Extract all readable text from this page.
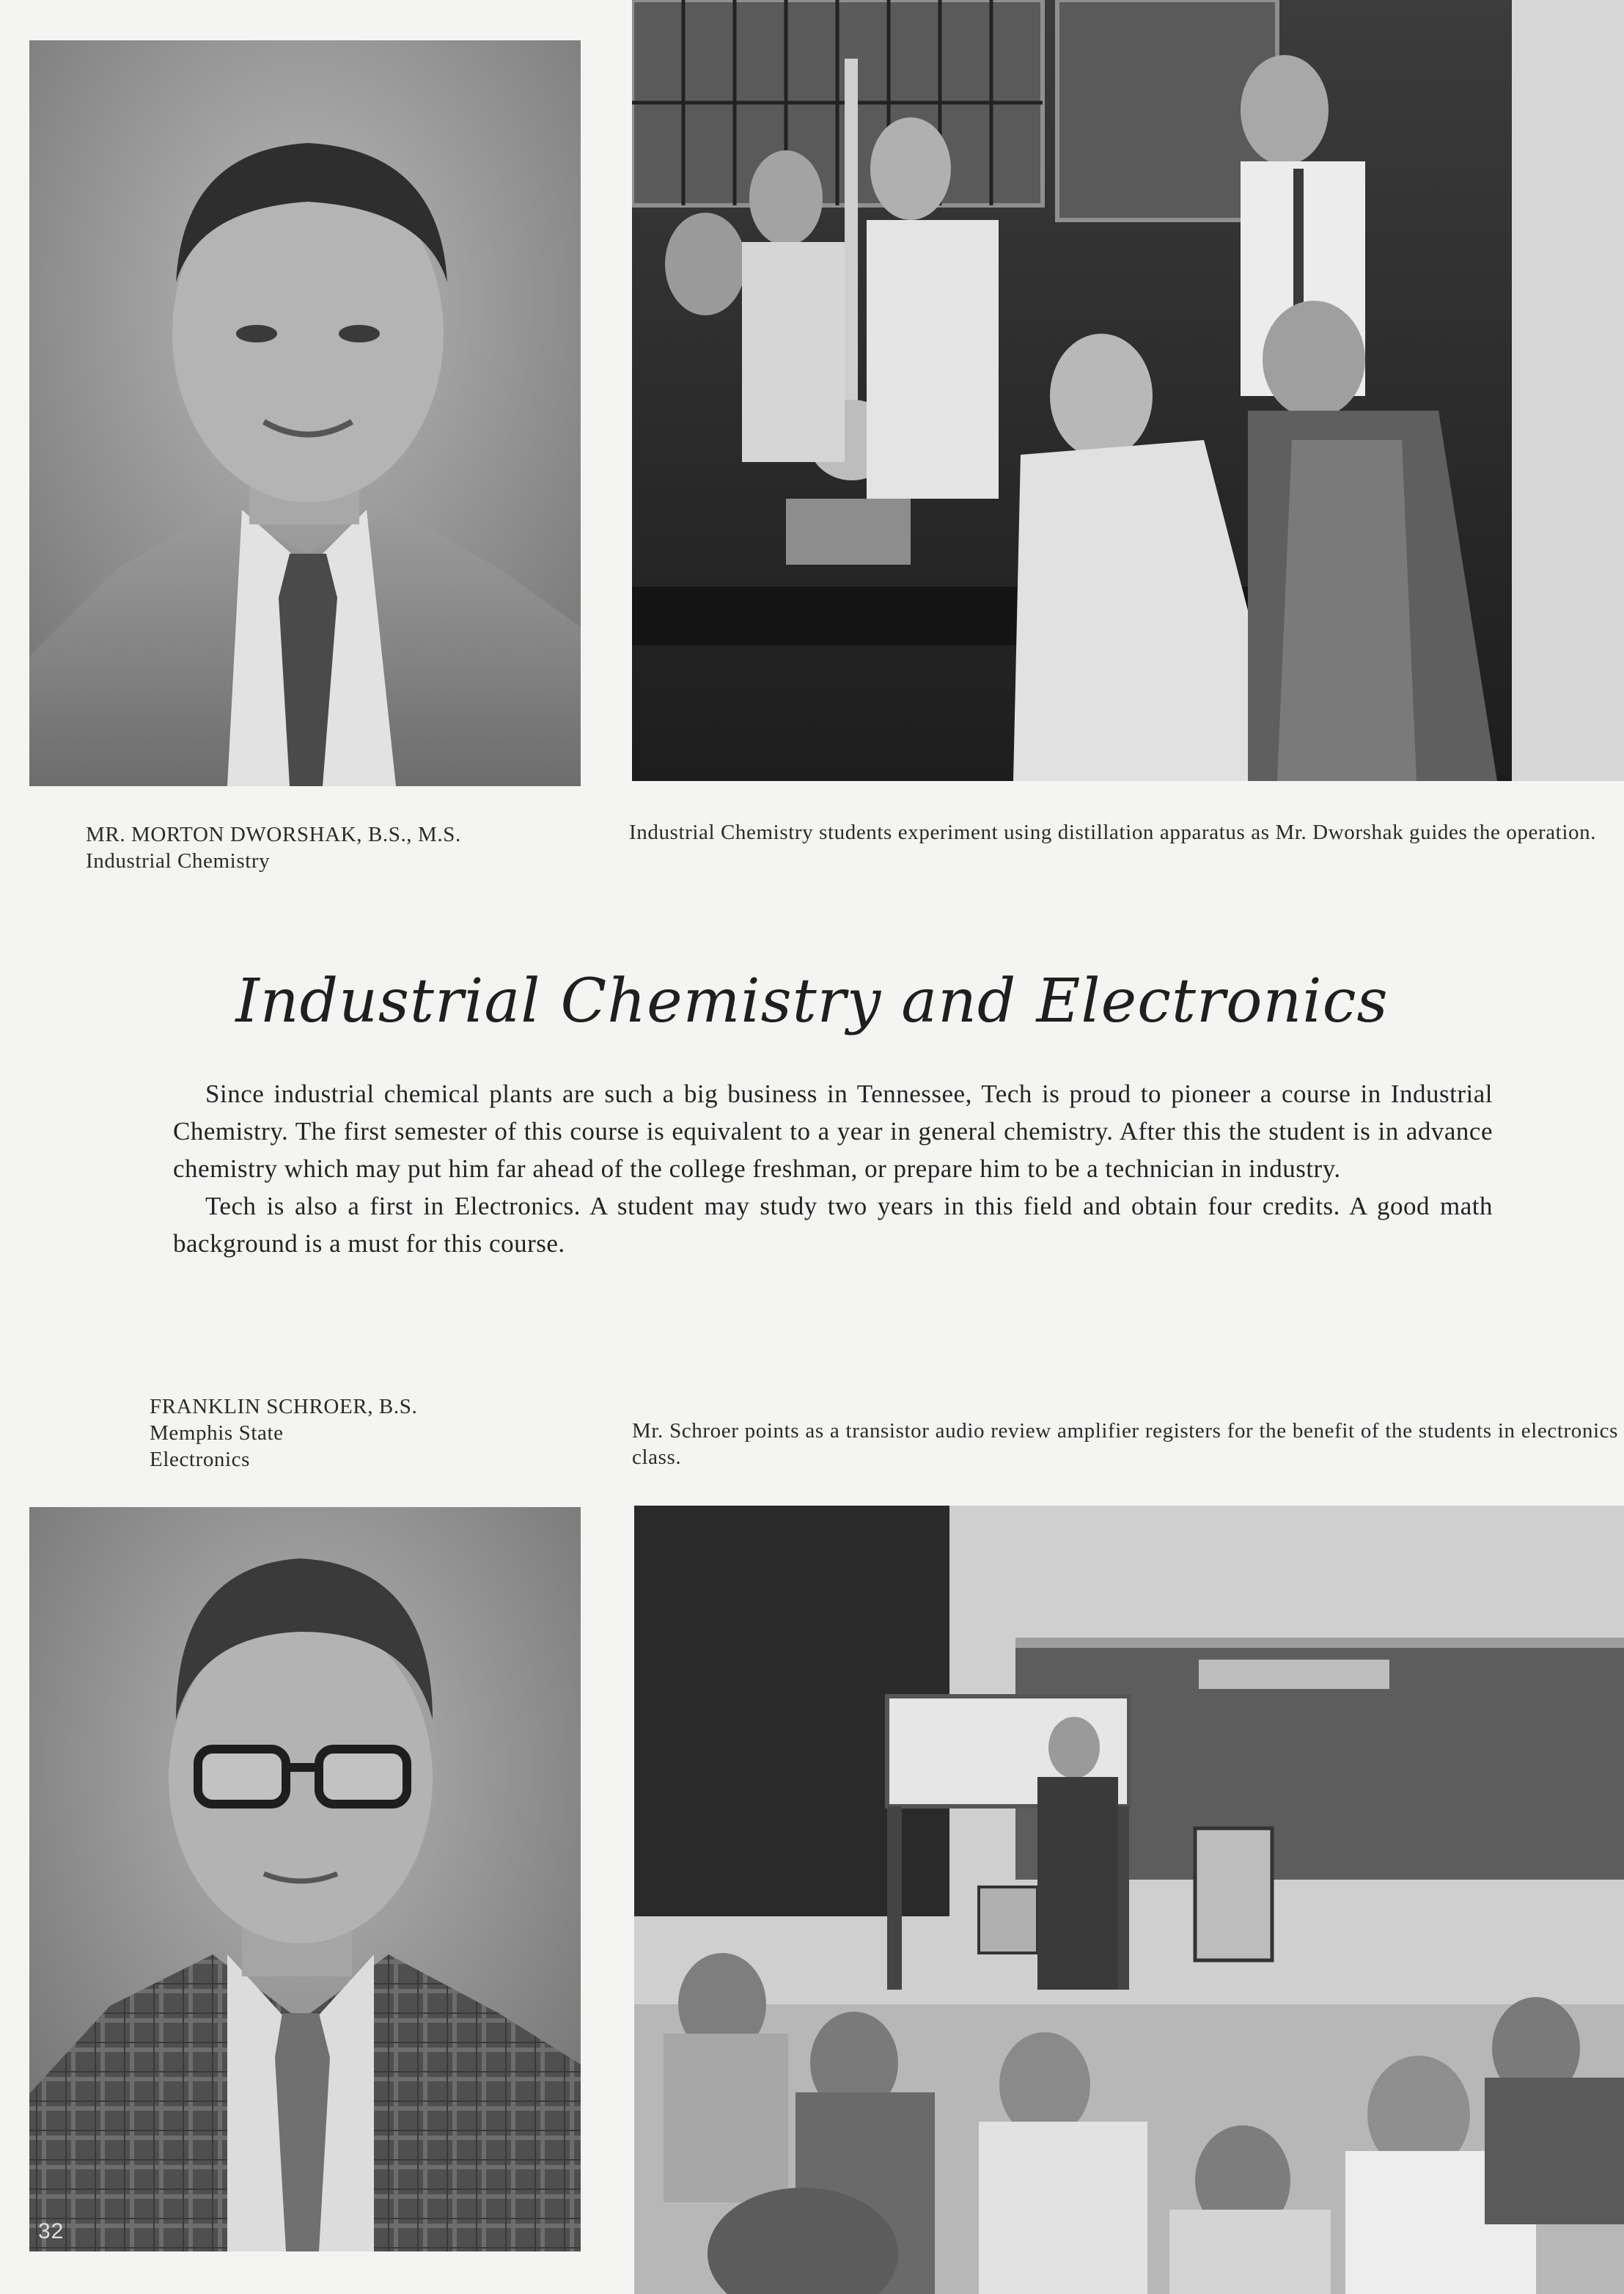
MR. MORTON DWORSHAK, B.S., M.S.
Industrial Chemistry
Industrial Chemistry students experiment using distillation apparatus as Mr. Dworshak guides the operation.
Industrial Chemistry and Electronics

Since industrial chemical plants are such a big business in Tennessee, Tech is proud to pioneer a course in Industrial Chemistry. The first semester of this course is equivalent to a year in general chemistry. After this the student is in advance chemistry which may put him far ahead of the college freshman, or prepare him to be a technician in industry.

Tech is also a first in Electronics. A student may study two years in this field and obtain four credits. A good math background is a must for this course.

FRANKLIN SCHROER, B.S.
Memphis State
Electronics
Mr. Schroer points as a transistor audio review amplifier registers for the benefit of the students in electronics class.
32
